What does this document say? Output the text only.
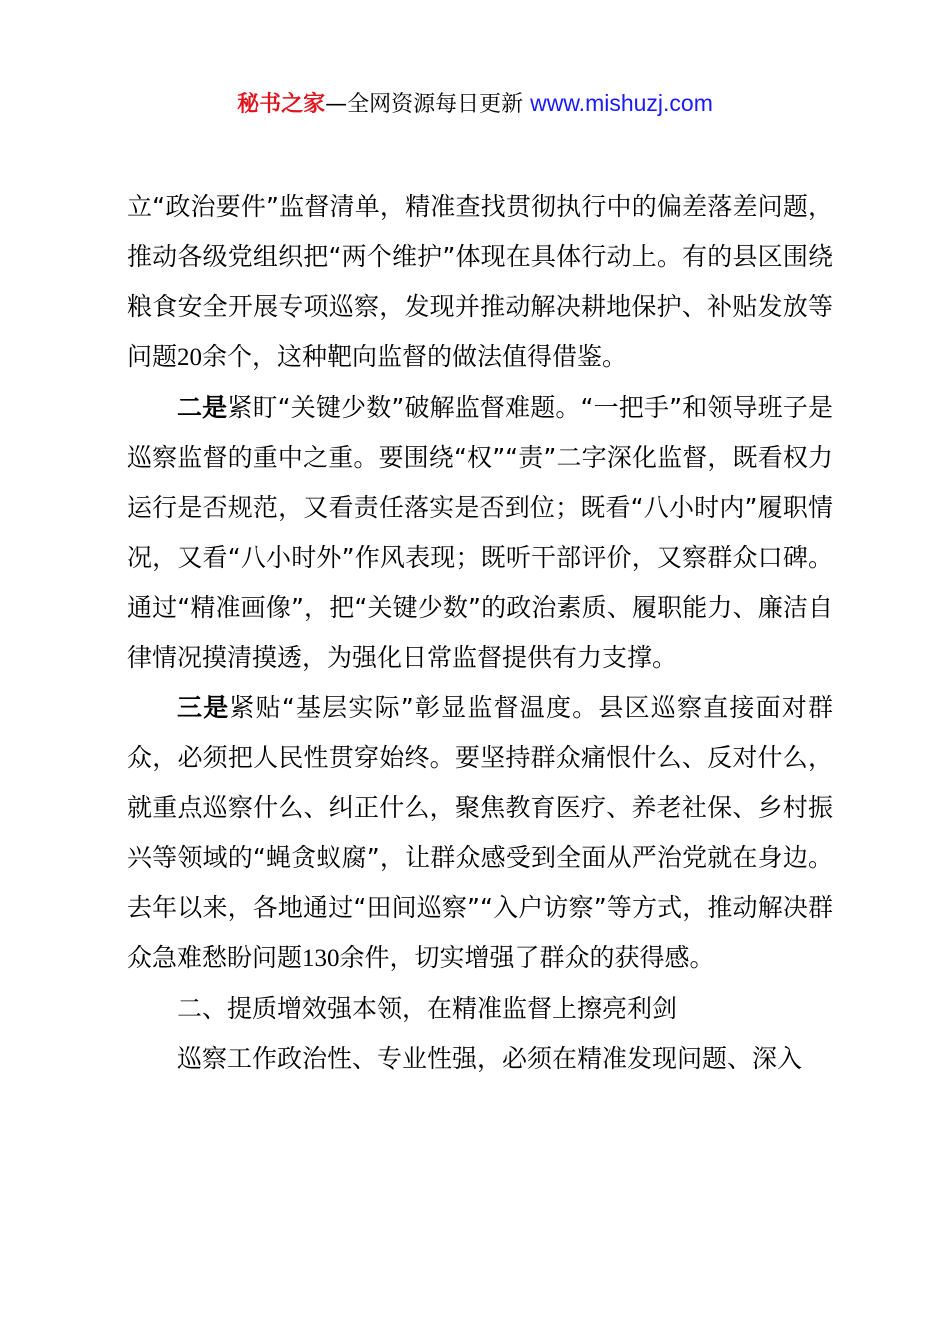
秘书之家—全网资源每日更新 www.mishuzj.com

立“政治要件”监督清单，精准查找贯彻执行中的偏差落差问题，推动各级党组织把“两个维护”体现在具体行动上。有的县区围绕粮食安全开展专项巡察，发现并推动解决耕地保护、补贴发放等问题20余个，这种靶向监督的做法值得借鉴。

二是紧盯“关键少数”破解监督难题。“一把手”和领导班子是巡察监督的重中之重。要围绕“权”“责”二字深化监督，既看权力运行是否规范，又看责任落实是否到位；既看“八小时内”履职情况，又看“八小时外”作风表现；既听干部评价，又察群众口碑。通过“精准画像”，把“关键少数”的政治素质、履职能力、廉洁自律情况摸清摸透，为强化日常监督提供有力支撑。

三是紧贴“基层实际”彰显监督温度。县区巡察直接面对群众，必须把人民性贯穿始终。要坚持群众痛恨什么、反对什么，就重点巡察什么、纠正什么，聚焦教育医疗、养老社保、乡村振兴等领域的“蝇贪蚁腐”，让群众感受到全面从严治党就在身边。去年以来，各地通过“田间巡察”“入户访察”等方式，推动解决群众急难愁盼问题130余件，切实增强了群众的获得感。

二、提质增效强本领，在精准监督上擦亮利剑

巡察工作政治性、专业性强，必须在精准发现问题、深入
